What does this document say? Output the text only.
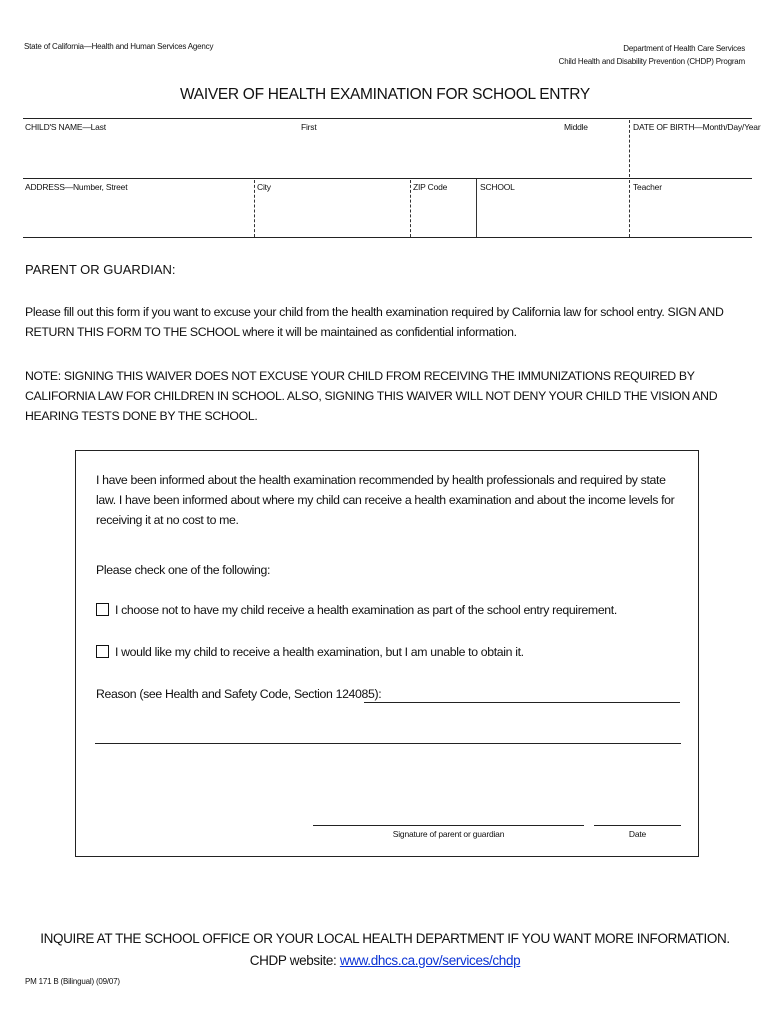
State of California—Health and Human Services Agency	Department of Health Care Services
Child Health and Disability Prevention (CHDP) Program
WAIVER OF HEALTH EXAMINATION FOR SCHOOL ENTRY
CHILD'S NAME—Last	First	Middle	DATE OF BIRTH—Month/Day/Year
ADDRESS—Number, Street	City	ZIP Code	SCHOOL	Teacher
PARENT OR GUARDIAN:
Please fill out this form if you want to excuse your child from the health examination required by California law for school entry. SIGN AND RETURN THIS FORM TO THE SCHOOL where it will be maintained as confidential information.
NOTE: SIGNING THIS WAIVER DOES NOT EXCUSE YOUR CHILD FROM RECEIVING THE IMMUNIZATIONS REQUIRED BY CALIFORNIA LAW FOR CHILDREN IN SCHOOL. ALSO, SIGNING THIS WAIVER WILL NOT DENY YOUR CHILD THE VISION AND HEARING TESTS DONE BY THE SCHOOL.
I have been informed about the health examination recommended by health professionals and required by state law. I have been informed about where my child can receive a health examination and about the income levels for receiving it at no cost to me.
Please check one of the following:
I choose not to have my child receive a health examination as part of the school entry requirement.
I would like my child to receive a health examination, but I am unable to obtain it.
Reason (see Health and Safety Code, Section 124085):
Signature of parent or guardian	Date
INQUIRE AT THE SCHOOL OFFICE OR YOUR LOCAL HEALTH DEPARTMENT IF YOU WANT MORE INFORMATION.
CHDP website: www.dhcs.ca.gov/services/chdp
PM 171 B (Bilingual) (09/07)
